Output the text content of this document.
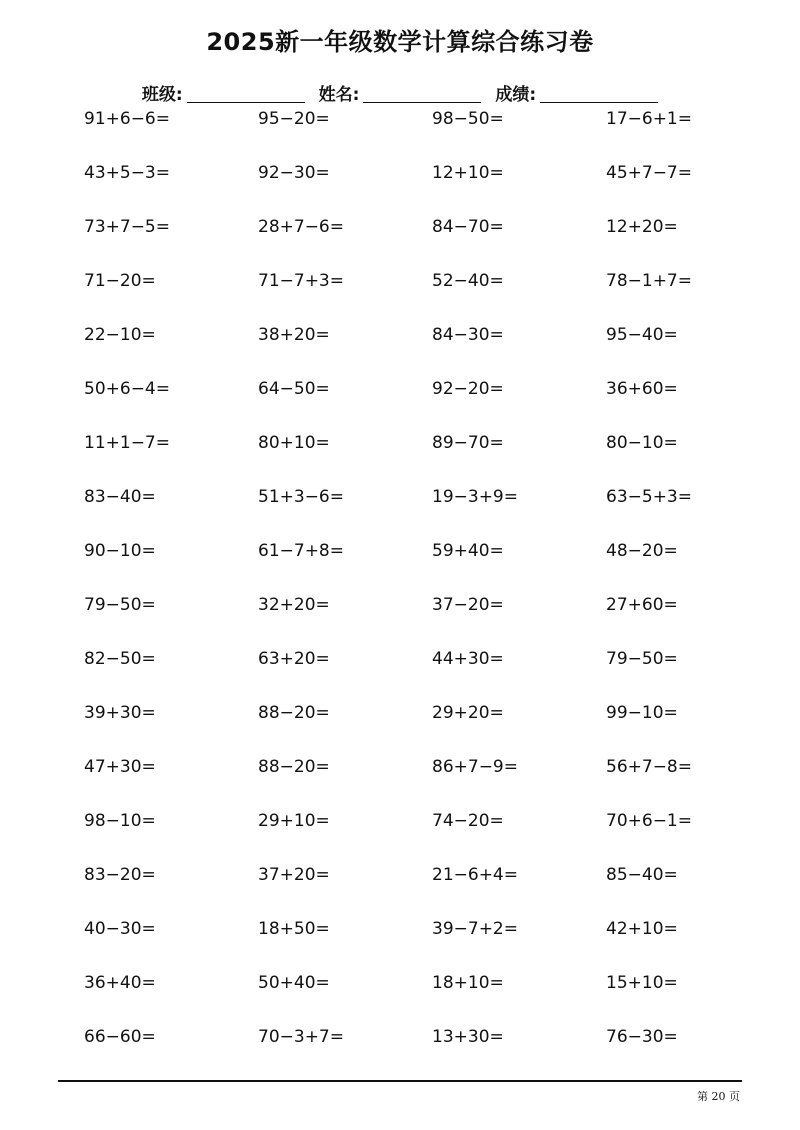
2025新一年级数学计算综合练习卷
班级:	姓名:	成绩:
91+6−6=	95−20=	98−50=	17−6+1=
43+5−3=	92−30=	12+10=	45+7−7=
73+7−5=	28+7−6=	84−70=	12+20=
71−20=	71−7+3=	52−40=	78−1+7=
22−10=	38+20=	84−30=	95−40=
50+6−4=	64−50=	92−20=	36+60=
11+1−7=	80+10=	89−70=	80−10=
83−40=	51+3−6=	19−3+9=	63−5+3=
90−10=	61−7+8=	59+40=	48−20=
79−50=	32+20=	37−20=	27+60=
82−50=	63+20=	44+30=	79−50=
39+30=	88−20=	29+20=	99−10=
47+30=	88−20=	86+7−9=	56+7−8=
98−10=	29+10=	74−20=	70+6−1=
83−20=	37+20=	21−6+4=	85−40=
40−30=	18+50=	39−7+2=	42+10=
36+40=	50+40=	18+10=	15+10=
66−60=	70−3+7=	13+30=	76−30=
第 20 页
